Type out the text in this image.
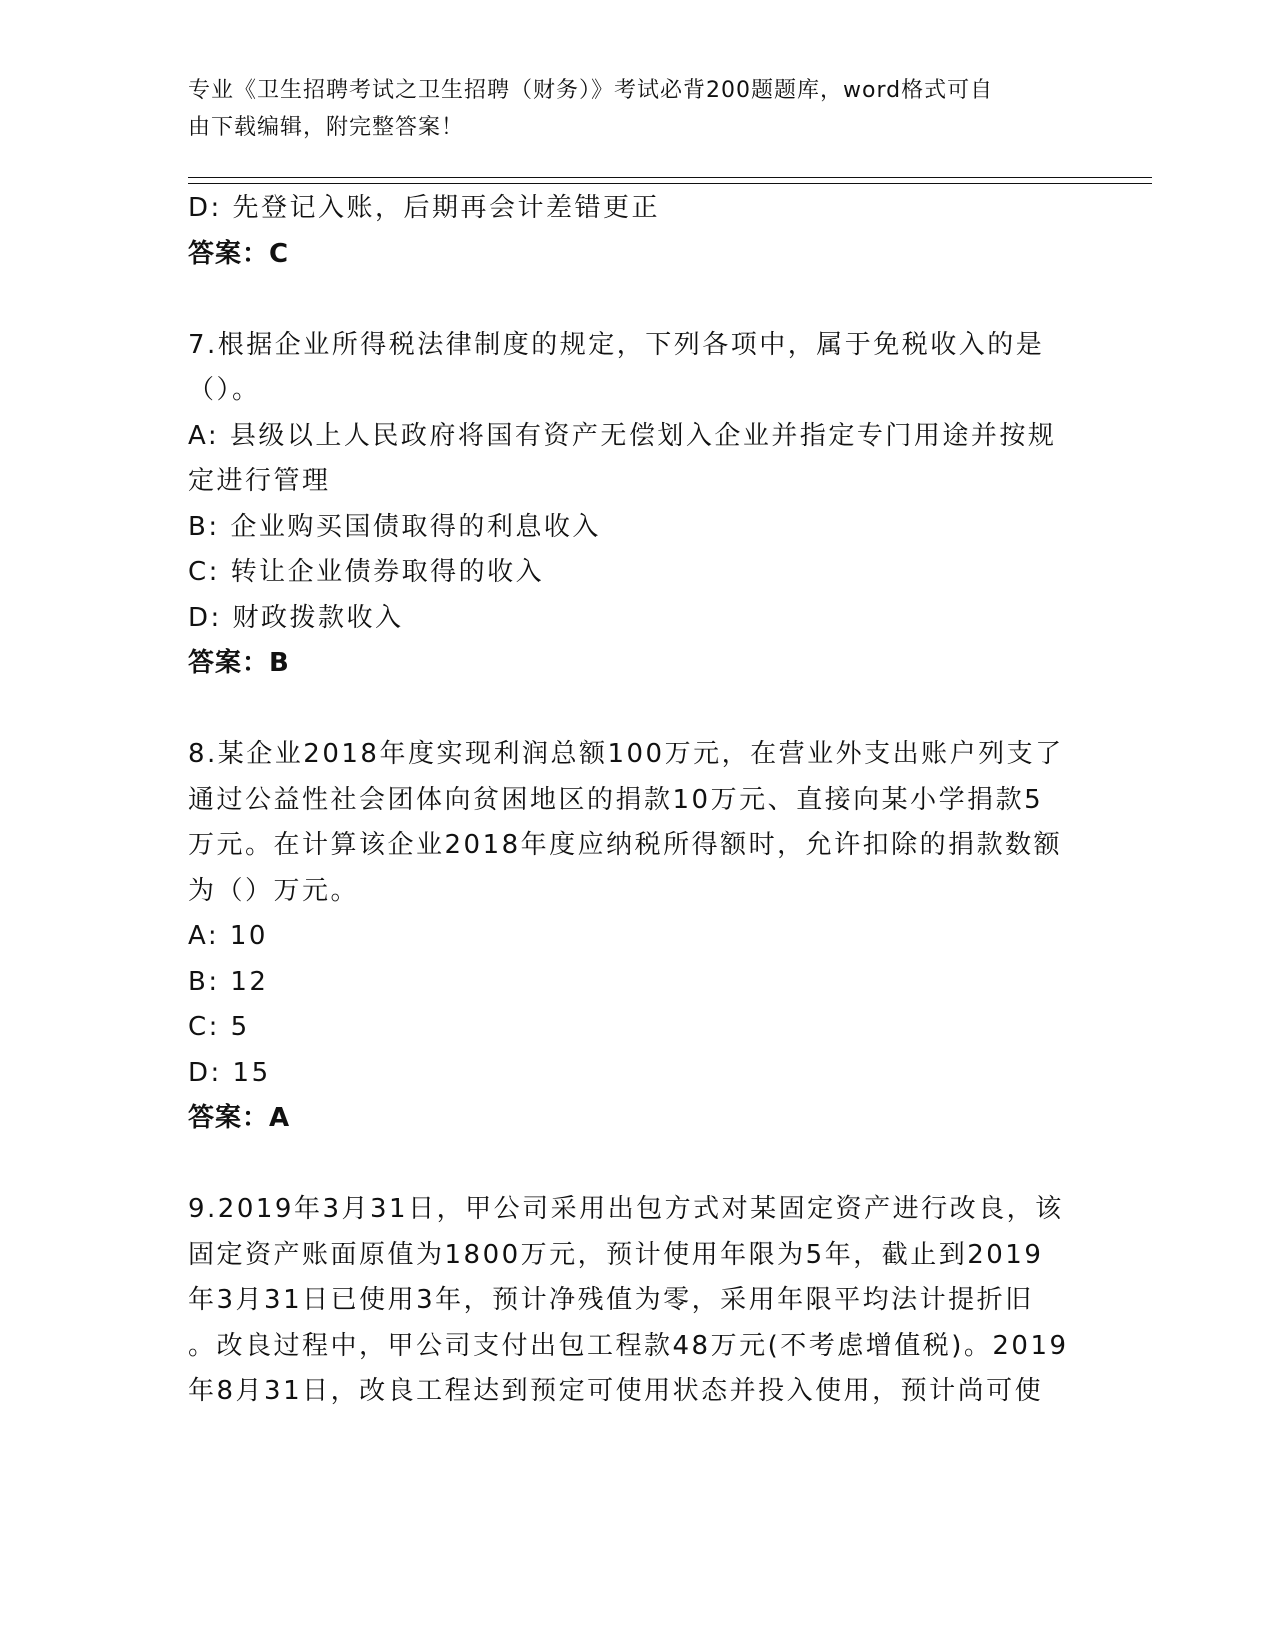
专业《卫生招聘考试之卫生招聘（财务）》考试必背200题题库，word格式可自
由下载编辑，附完整答案！
D: 先登记入账，后期再会计差错更正
答案：C
7.根据企业所得税法律制度的规定，下列各项中，属于免税收入的是
（）。
A: 县级以上人民政府将国有资产无偿划入企业并指定专门用途并按规
定进行管理
B: 企业购买国债取得的利息收入
C: 转让企业债券取得的收入
D: 财政拨款收入
答案：B
8.某企业2018年度实现利润总额100万元，在营业外支出账户列支了
通过公益性社会团体向贫困地区的捐款10万元、直接向某小学捐款5
万元。在计算该企业2018年度应纳税所得额时，允许扣除的捐款数额
为（）万元。
A: 10
B: 12
C: 5
D: 15
答案：A
9.2019年3月31日，甲公司采用出包方式对某固定资产进行改良，该
固定资产账面原值为1800万元，预计使用年限为5年，截止到2019
年3月31日已使用3年，预计净残值为零，采用年限平均法计提折旧
。改良过程中，甲公司支付出包工程款48万元(不考虑增值税)。2019
年8月31日，改良工程达到预定可使用状态并投入使用，预计尚可使
